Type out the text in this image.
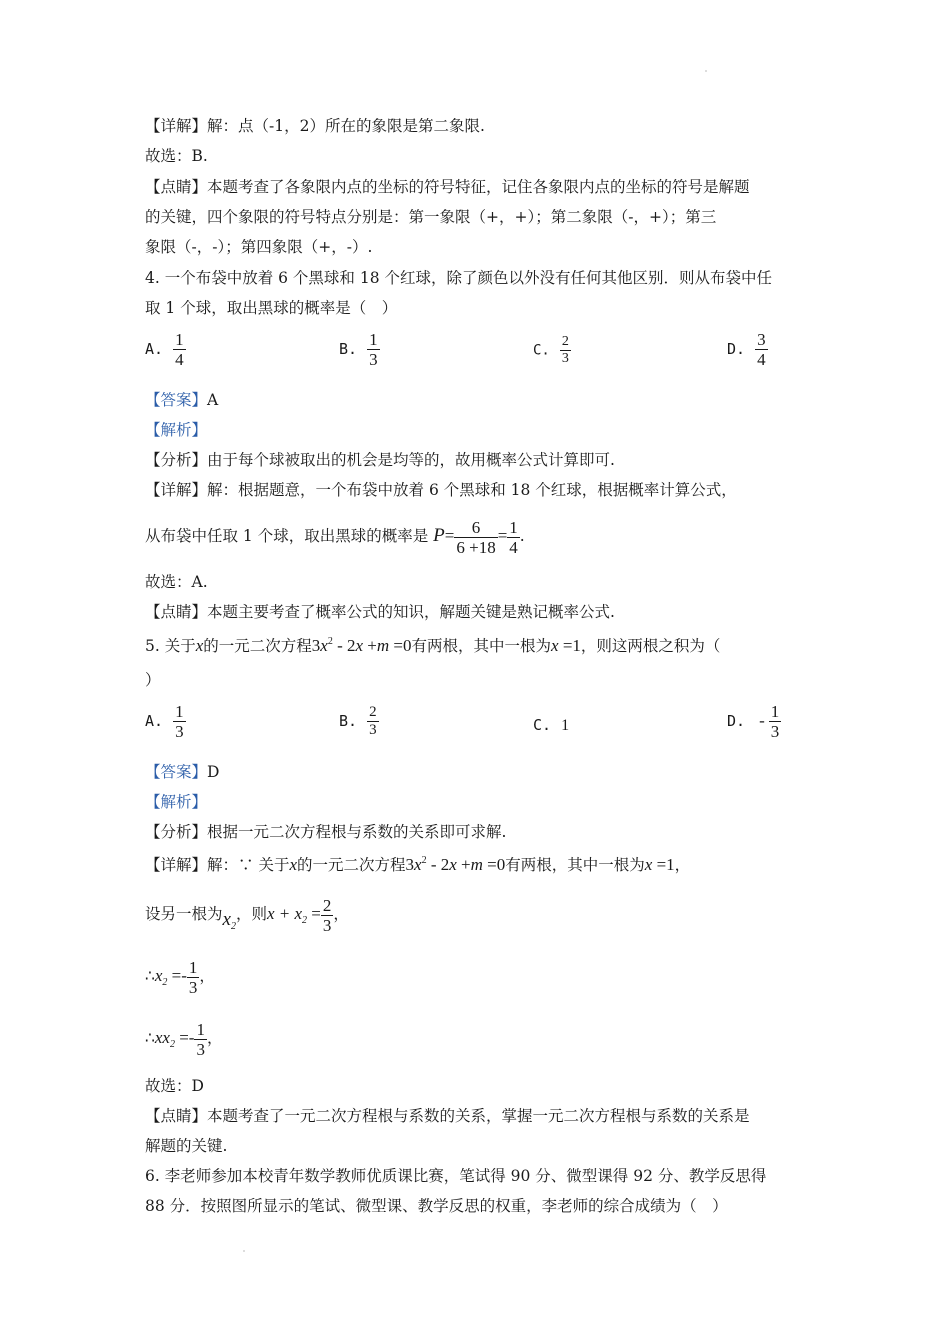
【详解】解：点（-1，2）所在的象限是第二象限.
故选：B.
【点睛】本题考查了各象限内点的坐标的符号特征，记住各象限内点的坐标的符号是解题
的关键，四个象限的符号特点分别是：第一象限（+，+）；第二象限（-，+）；第三
象限（-，-）；第四象限（+，-）.
4. 一个布袋中放着 6 个黑球和 18 个红球，除了颜色以外没有任何其他区别．则从布袋中任
取 1 个球，取出黑球的概率是（　）
A. $\frac{1}{4}$	B. $\frac{1}{3}$	C. $\frac{2}{3}$	D. $\frac{3}{4}$
【答案】A
【解析】
【分析】由于每个球被取出的机会是均等的，故用概率公式计算即可.
【详解】解：根据题意，一个布袋中放着 6 个黑球和 18 个红球，根据概率计算公式，
从布袋中任取 1 个球，取出黑球的概率是 $P= \frac{6}{6 +18} = \frac{1}{4}$ .
故选：A.
【点睛】本题主要考查了概率公式的知识，解题关键是熟记概率公式.
5. 关于x的一元二次方程$3x^2 - 2x +m =0$有两根，其中一根为x =1，则这两根之积为（
）
A. $\frac{1}{3}$	B. $\frac{2}{3}$	C. 1	D. - $\frac{1}{3}$
【答案】D
【解析】
【分析】根据一元二次方程根与系数的关系即可求解.
【详解】解：∵ 关于x的一元二次方程$3x^2 - 2x +m =0$有两根，其中一根为x =1，
设另一根为$x_2$，则$x + x_2 = \frac{2}{3}$ ，
$\therefore x_2 =- \frac{1}{3}$ ，
$\therefore xx_2 =- \frac{1}{3}$ ，
故选：D
【点睛】本题考查了一元二次方程根与系数的关系，掌握一元二次方程根与系数的关系是
解题的关键.
6. 李老师参加本校青年数学教师优质课比赛，笔试得 90 分、微型课得 92 分、教学反思得
88 分．按照图所显示的笔试、微型课、教学反思的权重，李老师的综合成绩为（　）
